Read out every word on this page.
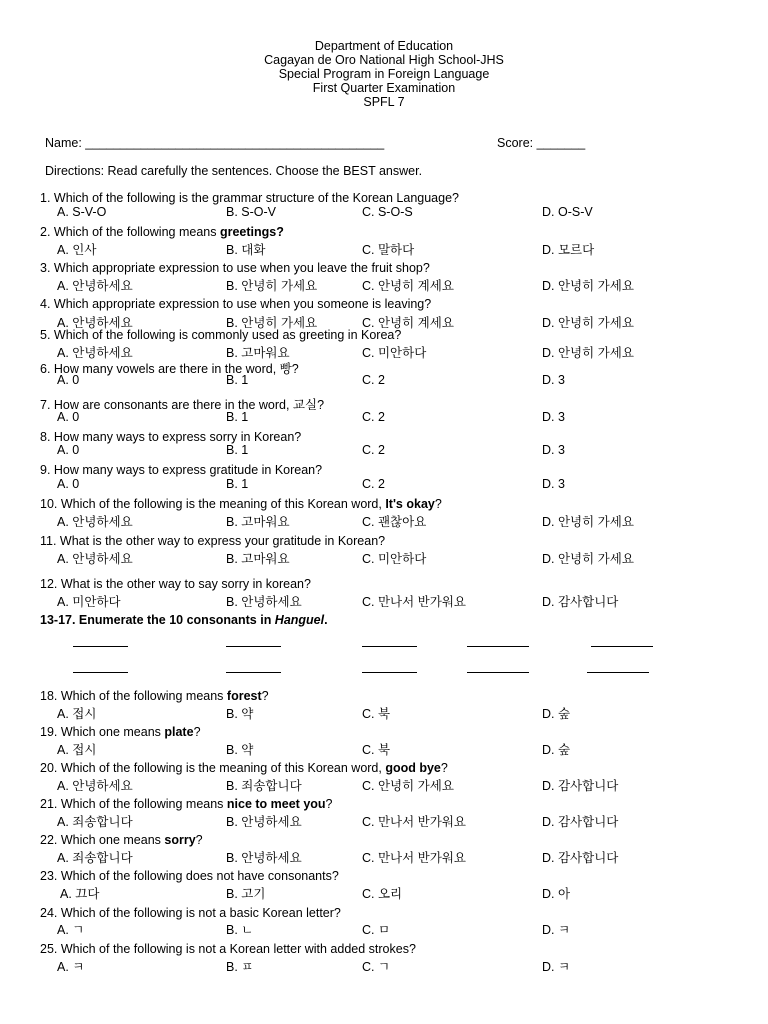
Department of Education
Cagayan de Oro National High School-JHS
Special Program in Foreign Language
First Quarter Examination
SPFL 7
Name: ___________________________________________	Score: _______
Directions: Read carefully the sentences. Choose the BEST answer.
1. Which of the following is the grammar structure of the Korean Language?
A. S-V-O	B. S-O-V	C. S-O-S	D. O-S-V
2. Which of the following means greetings?
A. 인사	B. 대화	C. 말하다	D. 모르다
3. Which appropriate expression to use when you leave the fruit shop?
A. 안녕하세요	B. 안녕히 가세요	C. 안녕히 계세요	D. 안녕히 가세요
4. Which appropriate expression to use when you someone is leaving?
A. 안녕하세요	B. 안녕히 가세요	C. 안녕히 계세요	D. 안녕히 가세요
5. Which of the following is commonly used as greeting in Korea?
A. 안녕하세요	B. 고마워요	C. 미안하다	D. 안녕히 가세요
6. How many vowels are there in the word, 빵?
A. 0	B. 1	C. 2	D. 3
7. How are consonants are there in the word, 교실?
A. 0	B. 1	C. 2	D. 3
8. How many ways to express sorry in Korean?
A. 0	B. 1	C. 2	D. 3
9. How many ways to express gratitude in Korean?
A. 0	B. 1	C. 2	D. 3
10. Which of the following is the meaning of this Korean word, It's okay?
A. 안녕하세요	B. 고마워요	C. 괜찮아요	D. 안녕히 가세요
11. What is the other way to express your gratitude in Korean?
A. 안녕하세요	B. 고마워요	C. 미안하다	D. 안녕히 가세요
12. What is the other way to say sorry in korean?
A. 미안하다	B. 안녕하세요	C. 만나서 반가워요	D. 감사합니다
13-17. Enumerate the 10 consonants in Hanguel.
18. Which of the following means forest?
A. 접시	B. 약	C. 북	D. 숲
19. Which one means plate?
A. 접시	B. 약	C. 북	D. 숲
20. Which of the following is the meaning of this Korean word, good bye?
A. 안녕하세요	B. 죄송합니다	C. 안녕히 가세요	D. 감사합니다
21. Which of the following means nice to meet you?
A. 죄송합니다	B. 안녕하세요	C. 만나서 반가워요	D. 감사합니다
22. Which one means sorry?
A. 죄송합니다	B. 안녕하세요	C. 만나서 반가워요	D. 감사합니다
23. Which of the following does not have consonants?
A. 끄다	B. 고기	C. 오리	D. 아
24. Which of the following is not a basic Korean letter?
A. ㄱ	B. ㄴ	C. ㅁ	D. ㅋ
25. Which of the following is not a Korean letter with added strokes?
A. ㅋ	B. ㅍ	C. ㄱ	D. ㅋ
